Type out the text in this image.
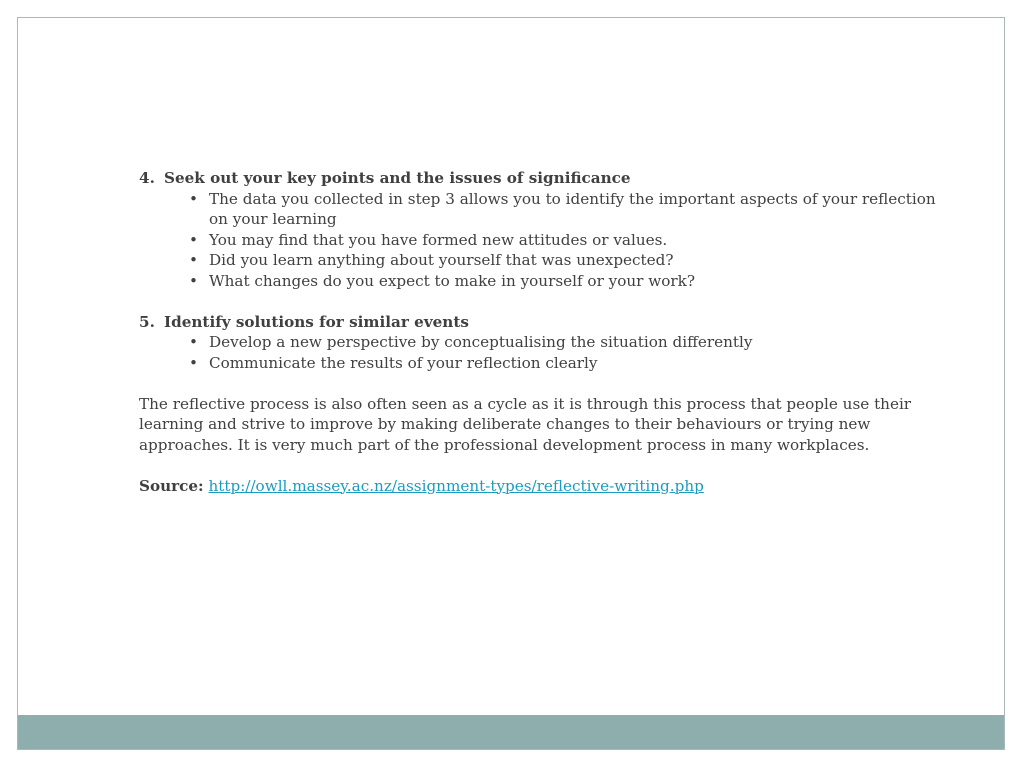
4. Seek out your key points and the issues of significance
• The data you collected in step 3 allows you to identify the important aspects of your reflection on your learning
• You may find that you have formed new attitudes or values.
• Did you learn anything about yourself that was unexpected?
• What changes do you expect to make in yourself or your work?
5. Identify solutions for similar events
• Develop a new perspective by conceptualising the situation differently
• Communicate the results of your reflection clearly

The reflective process is also often seen as a cycle as it is through this process that people use their learning and strive to improve by making deliberate changes to their behaviours or trying new approaches. It is very much part of the professional development process in many workplaces.

Source: http://owll.massey.ac.nz/assignment-types/reflective-writing.php
